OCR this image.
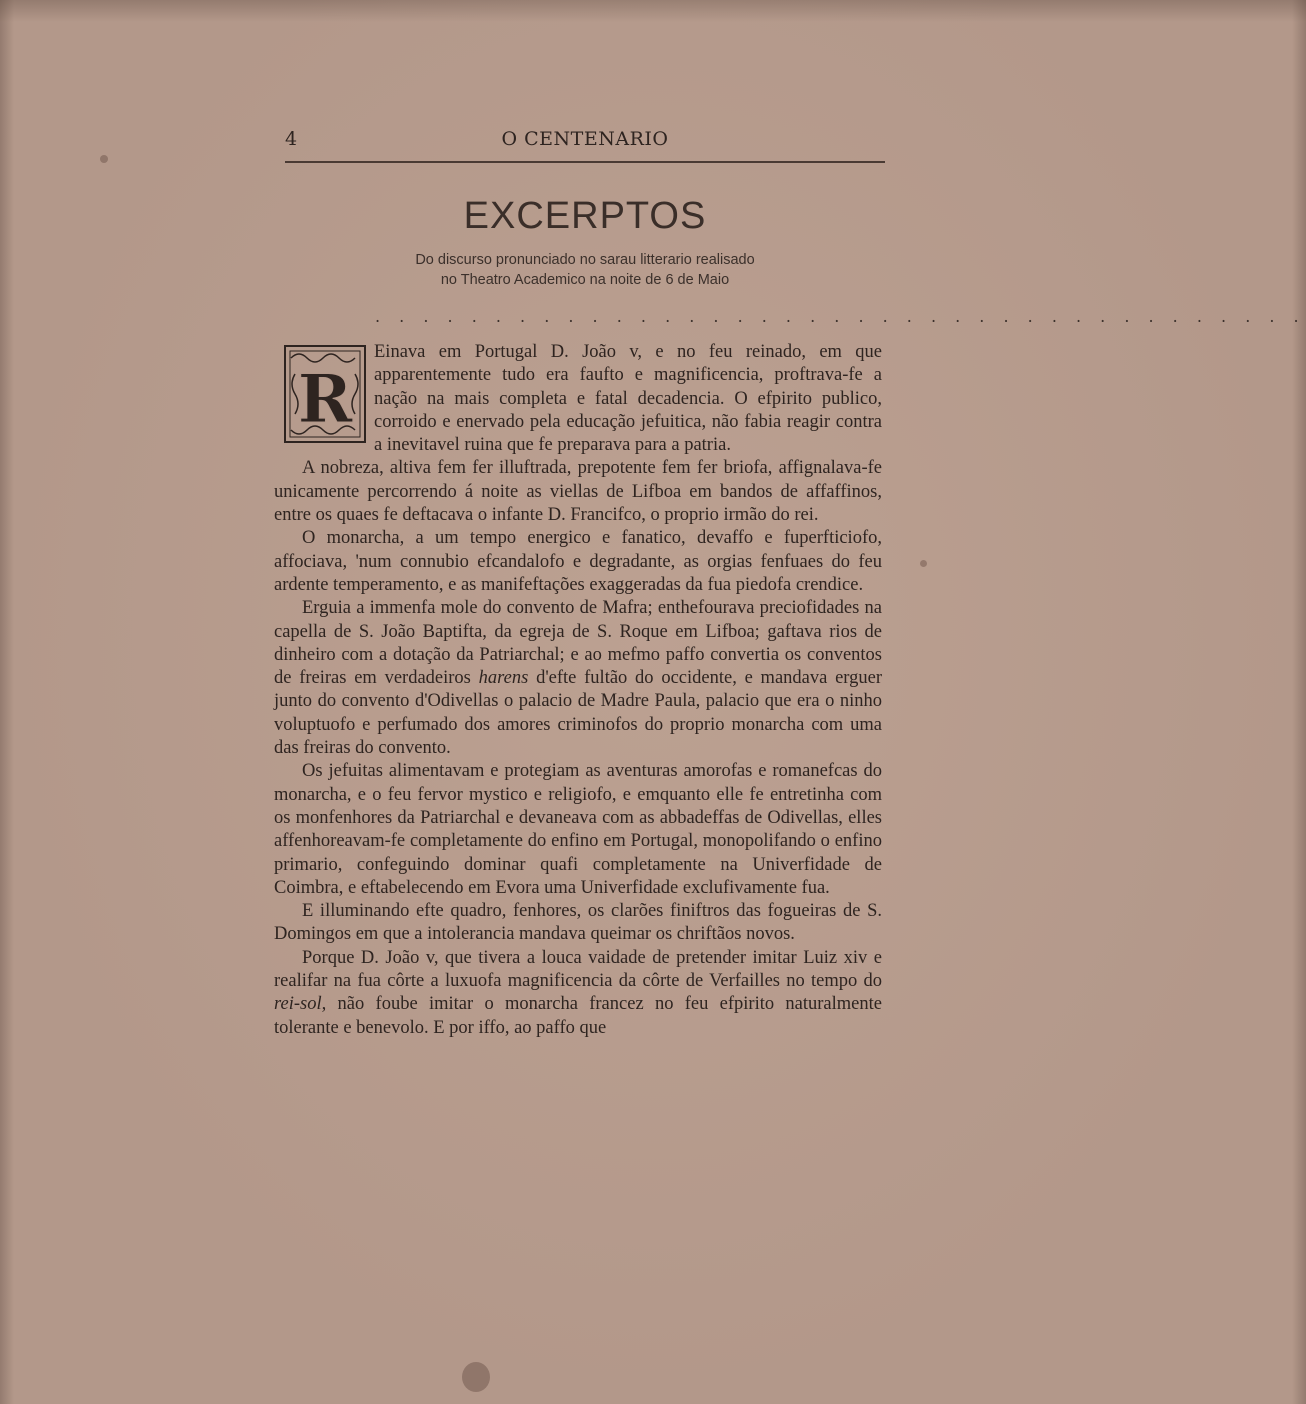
4	O CENTENARIO
EXCERPTOS
Do discurso pronunciado no sarau litterario realisado
no Theatro Academico na noite de 6 de Maio
. . . . . . . . . . . . . . . . . . . . . . . . . . . . . . . . . . . . . . .
R

Einava em Portugal D. João v, e no feu reinado, em que apparentemente tudo era faufto e magnificencia, proftrava-fe a nação na mais completa e fatal decadencia. O efpirito publico, corroido e enervado pela educação jefuitica, não fabia reagir contra a inevitavel ruina que fe preparava para a patria.

A nobreza, altiva fem fer illuftrada, prepotente fem fer briofa, affignalava-fe unicamente percorrendo á noite as viellas de Lifboa em bandos de affaffinos, entre os quaes fe deftacava o infante D. Francifco, o proprio irmão do rei.

O monarcha, a um tempo energico e fanatico, devaffo e fuperfticiofo, affociava, 'num connubio efcandalofo e degradante, as orgias fenfuaes do feu ardente temperamento, e as manifeftações exaggeradas da fua piedofa crendice.

Erguia a immenfa mole do convento de Mafra; enthefourava preciofidades na capella de S. João Baptifta, da egreja de S. Roque em Lifboa; gaftava rios de dinheiro com a dotação da Patriarchal; e ao mefmo paffo convertia os conventos de freiras em verdadeiros harens d'efte fultão do occidente, e mandava erguer junto do convento d'Odivellas o palacio de Madre Paula, palacio que era o ninho voluptuofo e perfumado dos amores criminofos do proprio monarcha com uma das freiras do convento.

Os jefuitas alimentavam e protegiam as aventuras amorofas e romanefcas do monarcha, e o feu fervor mystico e religiofo, e emquanto elle fe entretinha com os monfenhores da Patriarchal e devaneava com as abbadeffas de Odivellas, elles affenhoreavam-fe completamente do enfino em Portugal, monopolifando o enfino primario, confeguindo dominar quafi completamente na Univerfidade de Coimbra, e eftabelecendo em Evora uma Univerfidade exclufivamente fua.

E illuminando efte quadro, fenhores, os clarões finiftros das fogueiras de S. Domingos em que a intolerancia mandava queimar os chriftãos novos.

Porque D. João v, que tivera a louca vaidade de pretender imitar Luiz xiv e realifar na fua côrte a luxuofa magnificencia da côrte de Verfailles no tempo do rei-sol, não foube imitar o monarcha francez no feu efpirito naturalmente tolerante e benevolo. E por iffo, ao paffo que
